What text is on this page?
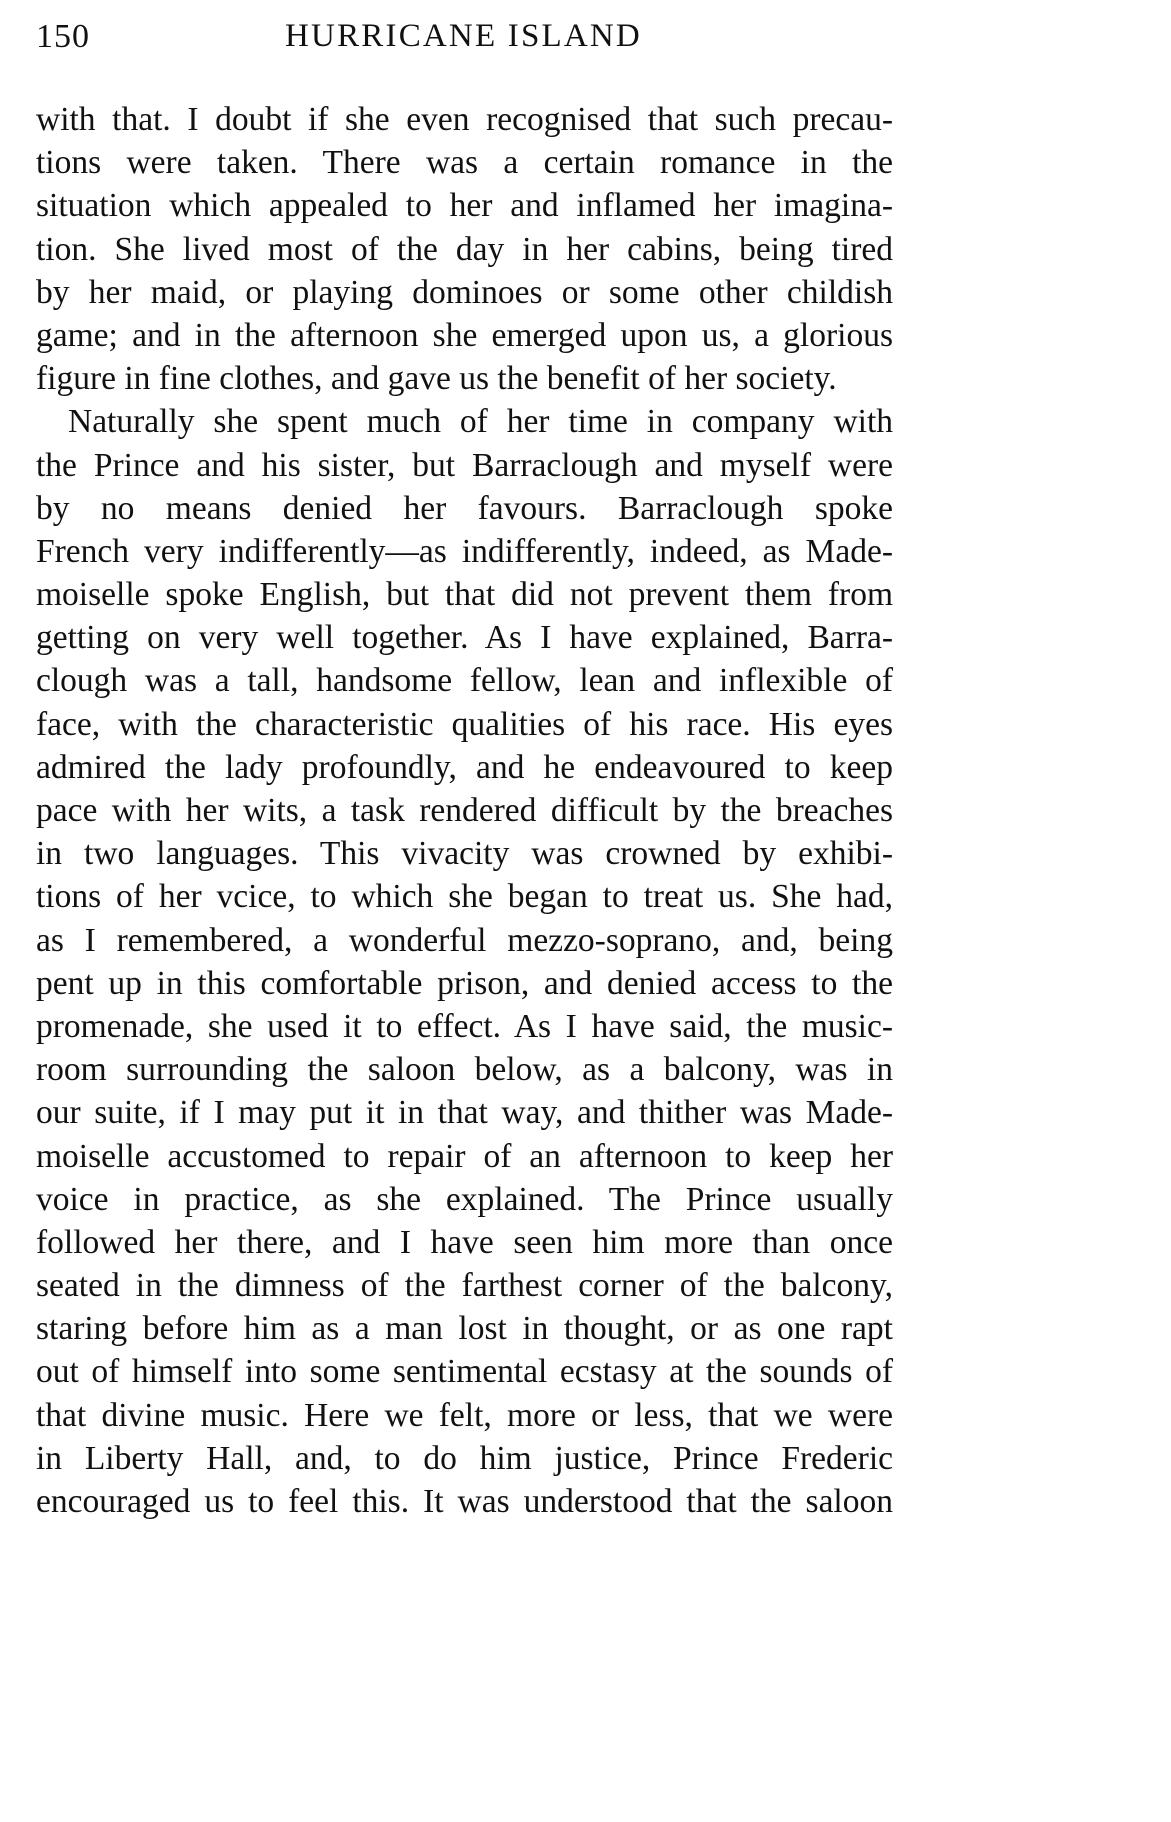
150	HURRICANE ISLAND
with that. I doubt if she even recognised that such precau-
tions were taken. There was a certain romance in the
situation which appealed to her and inflamed her imagina-
tion. She lived most of the day in her cabins, being tired
by her maid, or playing dominoes or some other childish
game; and in the afternoon she emerged upon us, a glorious
figure in fine clothes, and gave us the benefit of her society.
Naturally she spent much of her time in company with
the Prince and his sister, but Barraclough and myself were
by no means denied her favours. Barraclough spoke
French very indifferently—as indifferently, indeed, as Made-
moiselle spoke English, but that did not prevent them from
getting on very well together. As I have explained, Barra-
clough was a tall, handsome fellow, lean and inflexible of
face, with the characteristic qualities of his race. His eyes
admired the lady profoundly, and he endeavoured to keep
pace with her wits, a task rendered difficult by the breaches
in two languages. This vivacity was crowned by exhibi-
tions of her vcice, to which she began to treat us. She had,
as I remembered, a wonderful mezzo-soprano, and, being
pent up in this comfortable prison, and denied access to the
promenade, she used it to effect. As I have said, the music-
room surrounding the saloon below, as a balcony, was in
our suite, if I may put it in that way, and thither was Made-
moiselle accustomed to repair of an afternoon to keep her
voice in practice, as she explained. The Prince usually
followed her there, and I have seen him more than once
seated in the dimness of the farthest corner of the balcony,
staring before him as a man lost in thought, or as one rapt
out of himself into some sentimental ecstasy at the sounds of
that divine music. Here we felt, more or less, that we were
in Liberty Hall, and, to do him justice, Prince Frederic
encouraged us to feel this. It was understood that the saloon
